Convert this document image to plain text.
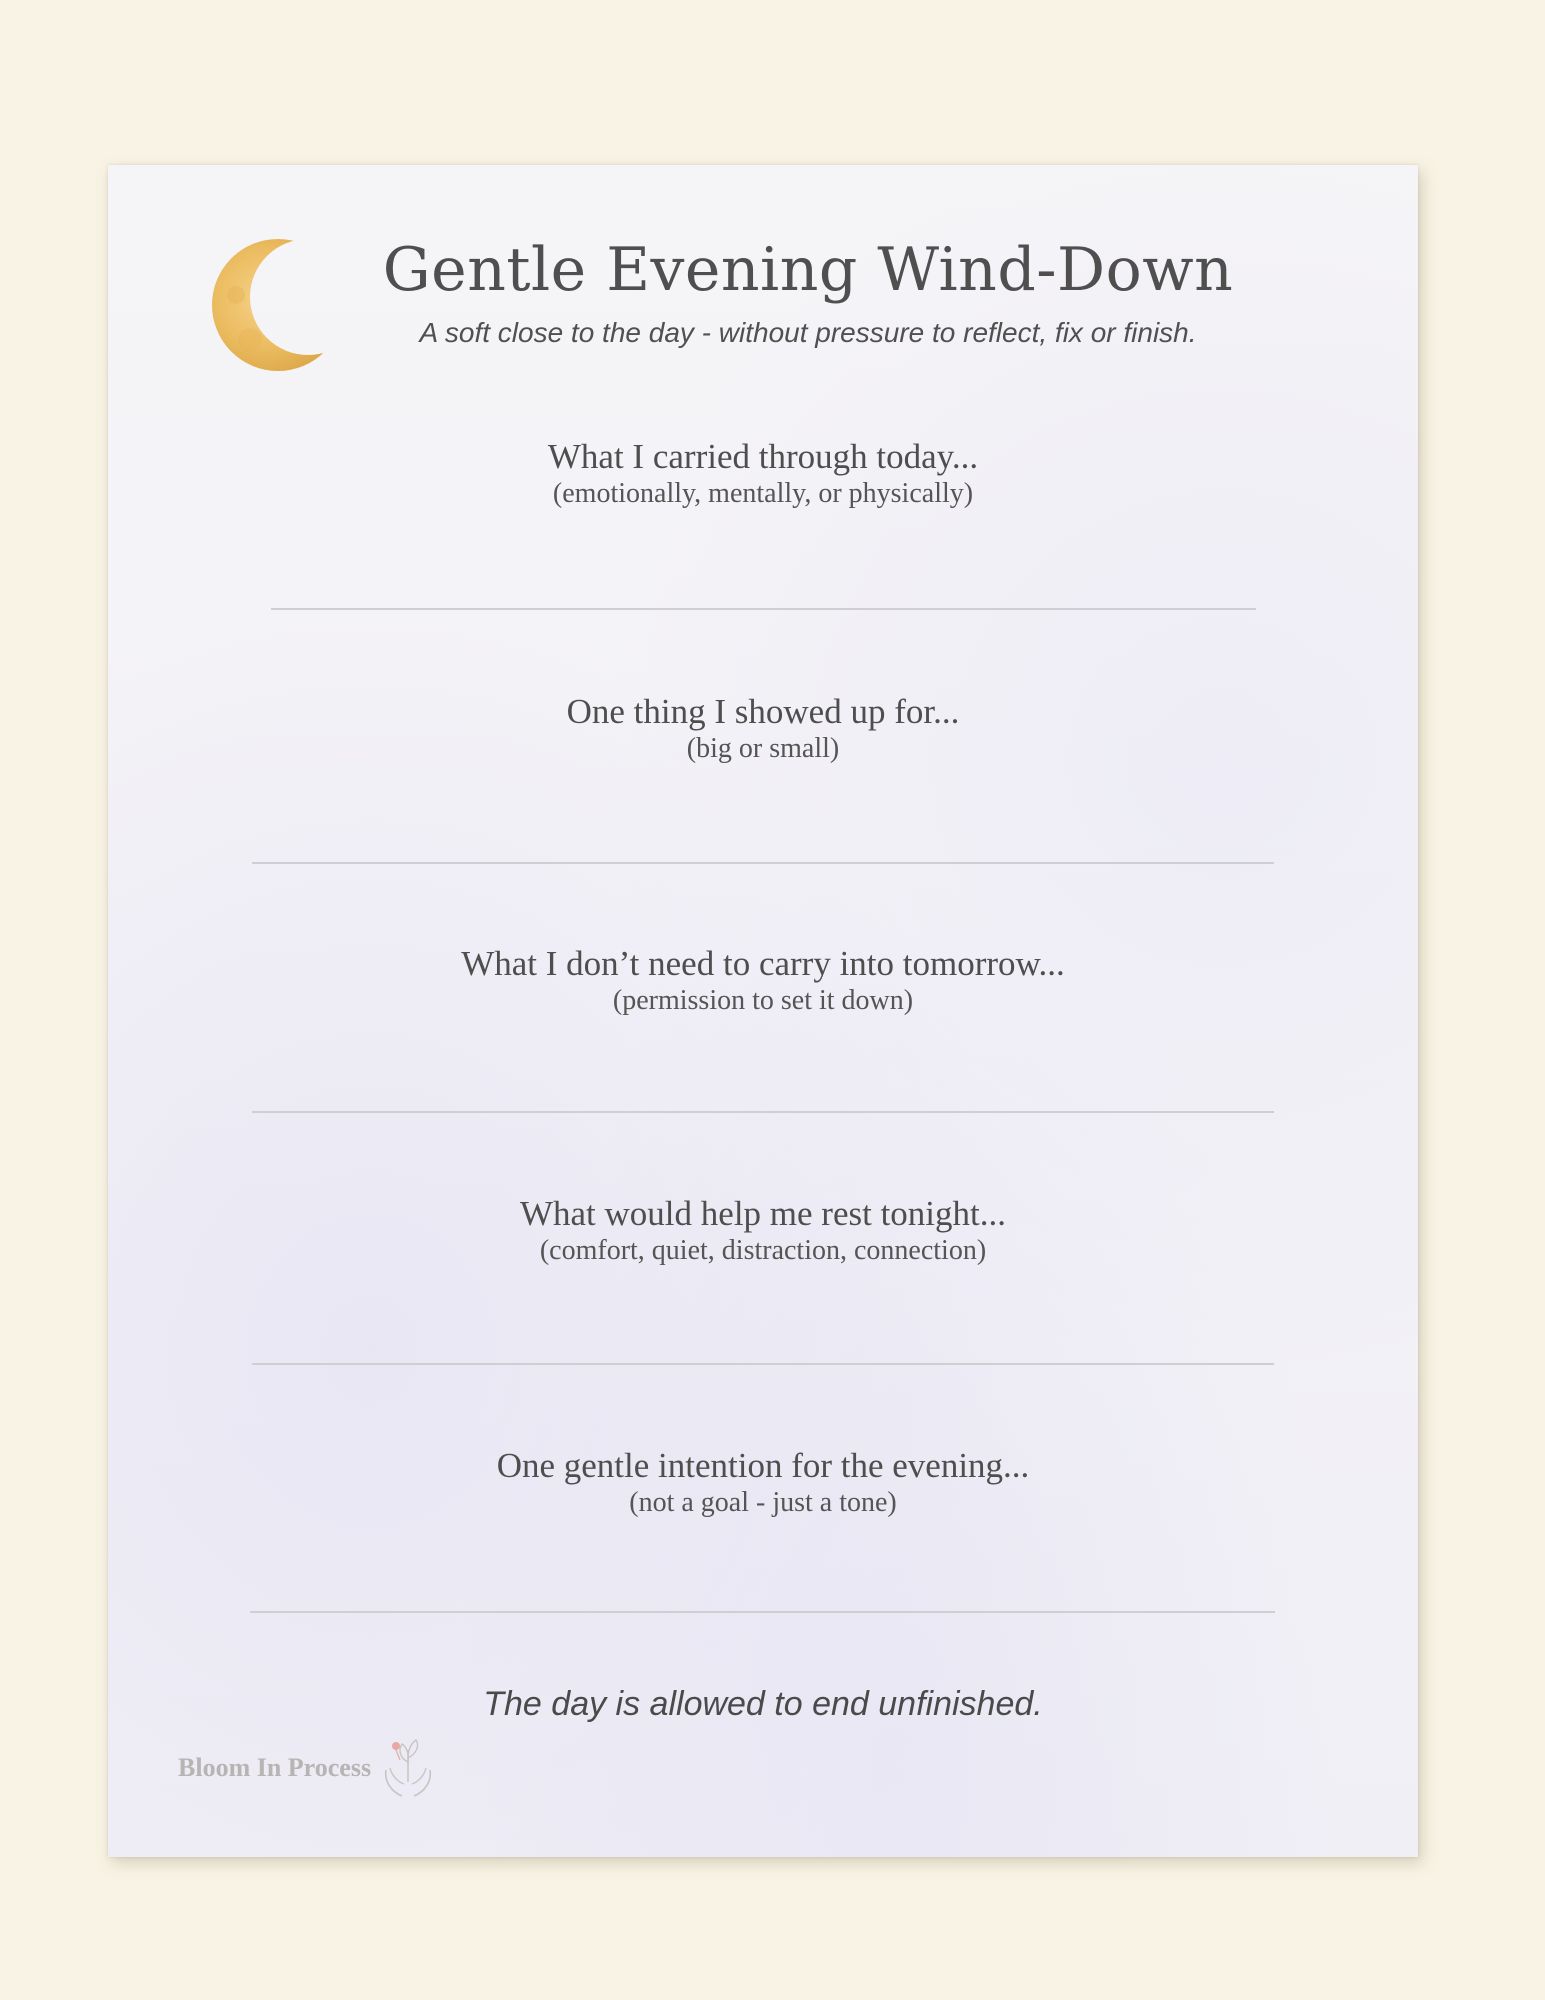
Gentle Evening Wind-Down
A soft close to the day - without pressure to reflect, fix or finish.
What I carried through today...
(emotionally, mentally, or physically)
One thing I showed up for...
(big or small)
What I don’t need to carry into tomorrow...
(permission to set it down)
What would help me rest tonight...
(comfort, quiet, distraction, connection)
One gentle intention for the evening...
(not a goal - just a tone)
The day is allowed to end unfinished.
Bloom In Process
